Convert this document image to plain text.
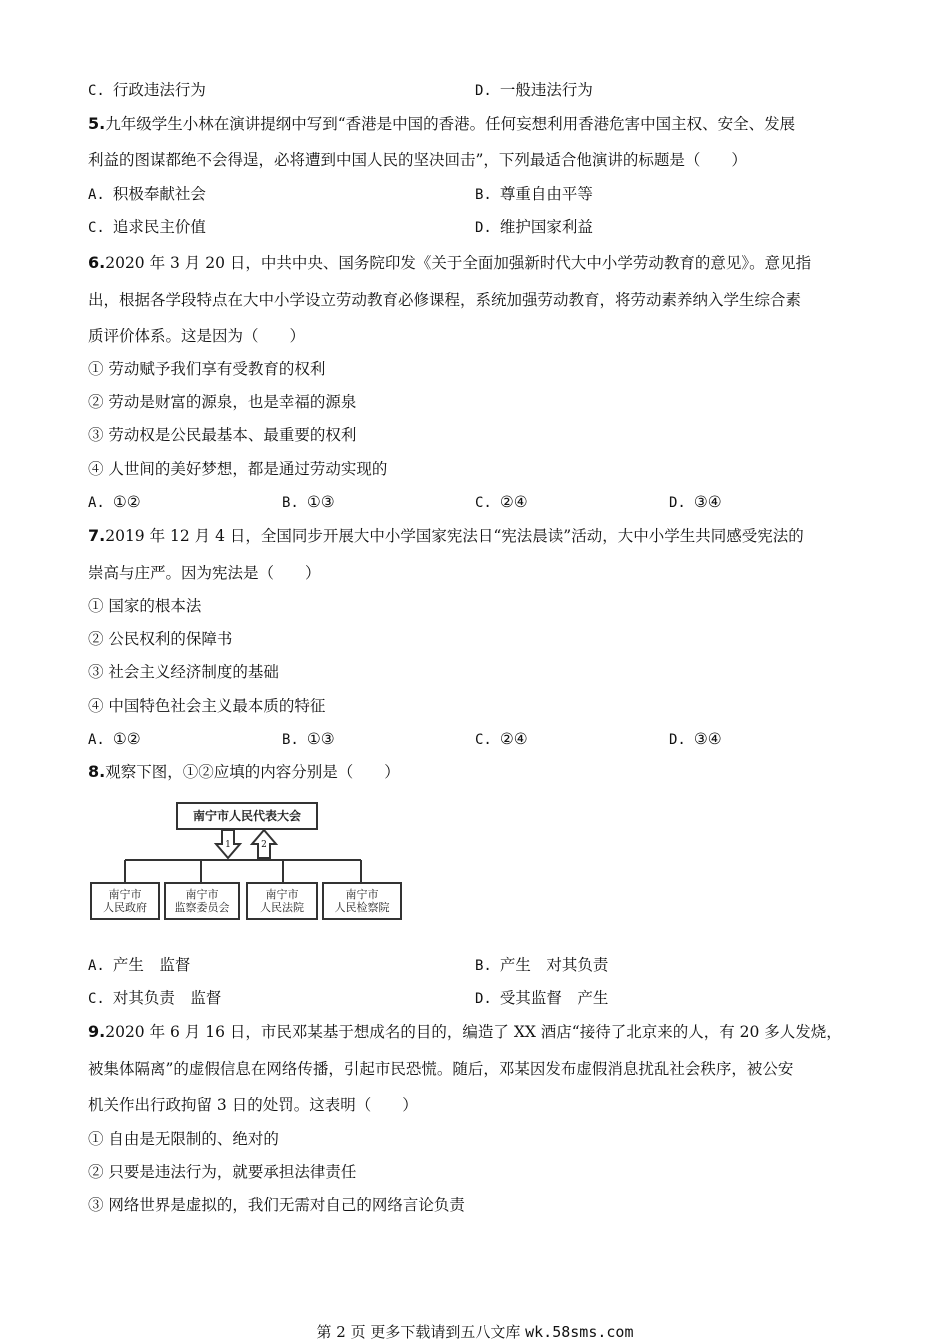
C. 行政违法行为	D. 一般违法行为
5.九年级学生小林在演讲提纲中写到“香港是中国的香港。任何妄想利用香港危害中国主权、安全、发展
利益的图谋都绝不会得逞，必将遭到中国人民的坚决回击”，下列最适合他演讲的标题是（　　）
A. 积极奉献社会	B. 尊重自由平等
C. 追求民主价值	D. 维护国家利益
6.2020 年 3 月 20 日，中共中央、国务院印发《关于全面加强新时代大中小学劳动教育的意见》。意见指
出，根据各学段特点在大中小学设立劳动教育必修课程，系统加强劳动教育，将劳动素养纳入学生综合素
质评价体系。这是因为（　　）
① 劳动赋予我们享有受教育的权利
② 劳动是财富的源泉，也是幸福的源泉
③ 劳动权是公民最基本、最重要的权利
④ 人世间的美好梦想，都是通过劳动实现的
A. ①②	B. ①③	C. ②④	D. ③④
7.2019 年 12 月 4 日，全国同步开展大中小学国家宪法日“宪法晨读”活动，大中小学生共同感受宪法的
崇高与庄严。因为宪法是（　　）
① 国家的根本法
② 公民权利的保障书
③ 社会主义经济制度的基础
④ 中国特色社会主义最本质的特征
A. ①②	B. ①③	C. ②④	D. ③④
8.观察下图，①②应填的内容分别是（　　）
南宁市人民代表大会
1	2
南宁市
人民政府
南宁市
监察委员会
南宁市
人民法院
南宁市
人民检察院
A. 产生　监督	B. 产生　对其负责
C. 对其负责　监督	D. 受其监督　产生
9.2020 年 6 月 16 日，市民邓某基于想成名的目的，编造了 XX 酒店“接待了北京来的人，有 20 多人发烧，
被集体隔离”的虚假信息在网络传播，引起市民恐慌。随后，邓某因发布虚假消息扰乱社会秩序，被公安
机关作出行政拘留 3 日的处罚。这表明（　　）
① 自由是无限制的、绝对的
② 只要是违法行为，就要承担法律责任
③ 网络世界是虚拟的，我们无需对自己的网络言论负责
第 2 页 更多下载请到五八文库 wk.58sms.com
